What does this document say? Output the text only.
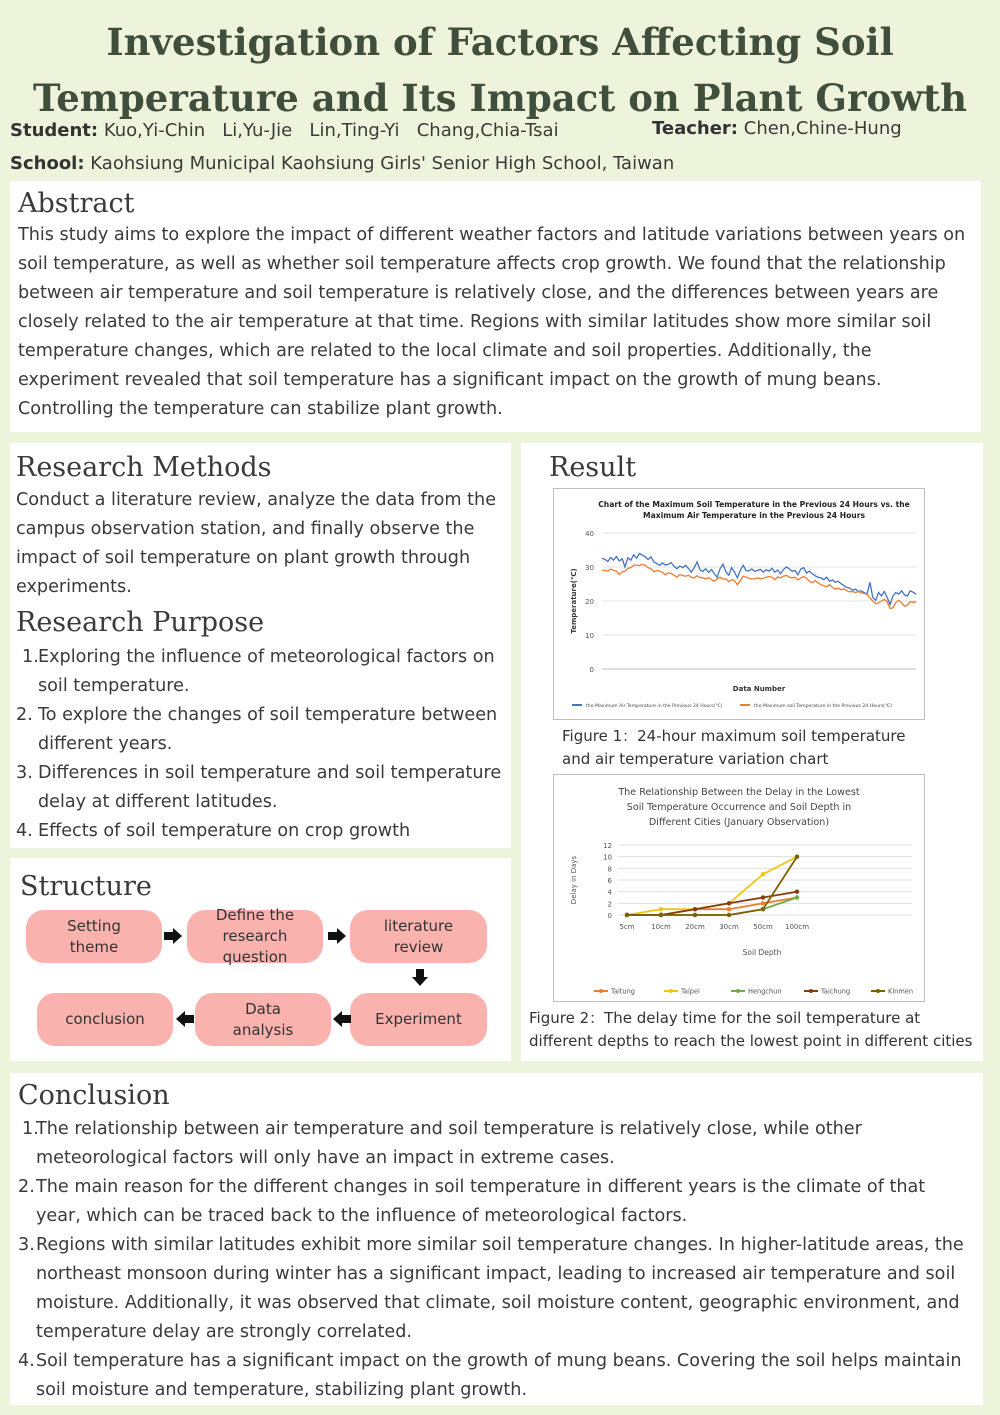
Investigation of Factors Affecting Soil
Temperature and Its Impact on Plant Growth
Student: Kuo,Yi-Chin   Li,Yu-Jie   Lin,Ting-Yi   Chang,Chia-Tsai	Teacher: Chen,Chine-Hung
School: Kaohsiung Municipal Kaohsiung Girls' Senior High School, Taiwan
Abstract
This study aims to explore the impact of different weather factors and latitude variations between years on soil temperature, as well as whether soil temperature affects crop growth. We found that the relationship between air temperature and soil temperature is relatively close, and the differences between years are closely related to the air temperature at that time. Regions with similar latitudes show more similar soil temperature changes, which are related to the local climate and soil properties. Additionally, the experiment revealed that soil temperature has a significant impact on the growth of mung beans. Controlling the temperature can stabilize plant growth.
Research Methods
Conduct a literature review, analyze the data from the campus observation station, and finally observe the impact of soil temperature on plant growth through experiments.
Research Purpose
1. Exploring the influence of meteorological factors on soil temperature.
2. To explore the changes of soil temperature between different years.
3. Differences in soil temperature and soil temperature delay at different latitudes.
4. Effects of soil temperature on crop growth
Structure
Setting
theme
Define the
research question
literature
review
Experiment
Data
analysis
conclusion
Result
Chart of the Maximum Soil Temperature in the Previous 24 Hours vs. the
Maximum Air Temperature in the Previous 24 Hours
0
10
20
30
40
Temperature(℃)
Data Number
the Maximum Air Temperature in the Previous 24 Hours(℃)	the Maximum soil Temperature in the Previous 24 Hours(℃)
Figure 1：24-hour maximum soil temperature and air temperature variation chart
The Relationship Between the Delay in the Lowest
Soil Temperature Occurrence and Soil Depth in
Different Cities (January Observation)
0
2
4
6
8
10
12
5cm 10cm 20cm 30cm 50cm 100cm
Delay in Days
Soil Depth
Taitung	Taipei	Hengchun	Taichung	Kinmen
Figure 2：The delay time for the soil temperature at different depths to reach the lowest point in different cities
Conclusion
1.
The relationship between air temperature and soil temperature is relatively close, while other meteorological factors will only have an impact in extreme cases.
2. The main reason for the different changes in soil temperature in different years is the climate of that year, which can be traced back to the influence of meteorological factors.
3. Regions with similar latitudes exhibit more similar soil temperature changes. In higher-latitude areas, the northeast monsoon during winter has a significant impact, leading to increased air temperature and soil moisture. Additionally, it was observed that climate, soil moisture content, geographic environment, and temperature delay are strongly correlated.
4. Soil temperature has a significant impact on the growth of mung beans. Covering the soil helps maintain soil moisture and temperature, stabilizing plant growth.
